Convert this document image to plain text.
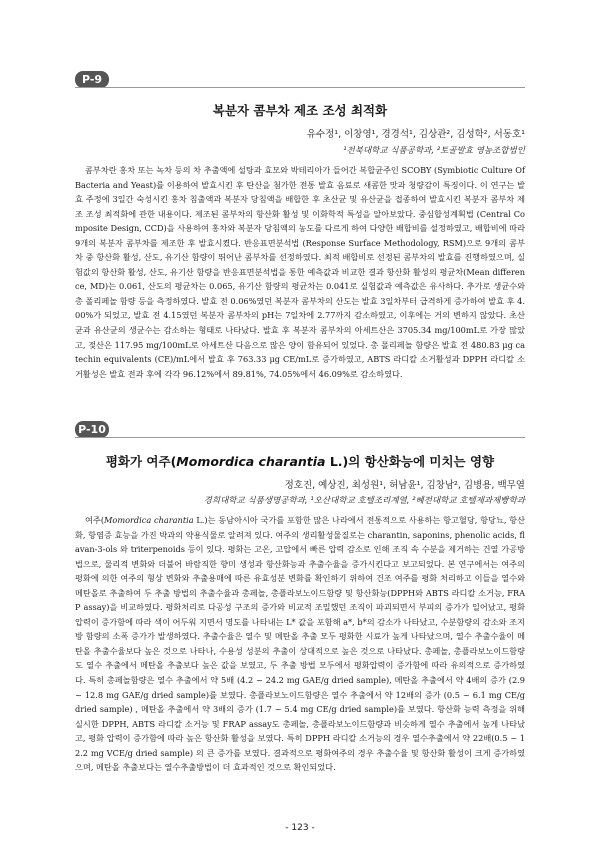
P-9
복분자 콤부차 제조 조성 최적화
유수정¹, 이창영¹, 경경석¹, 김상관², 김성학², 서동호¹
¹전북대학교 식품공학과, ²토골발효 영농조합법인

콤부차란 홍차 또는 녹차 등의 차 추출액에 설탕과 효모와 박테리아가 들어간 복합균주인 SCOBY (Symbiotic Culture Of Bacteria and Yeast)를 이용하여 발효시킨 후 탄산을 첨가한 전통 발효 음료로 새콤한 맛과 청량감이 특징이다. 이 연구는 발효 주정에 3일간 숙성시킨 홍차 침출액과 복분자 당침액을 배합한 후 초산균 및 유산균을 접종하여 발효시킨 복분자 콤부차 제조 조성 최적화에 관한 내용이다. 제조된 콤부차의 항산화 활성 및 이화학적 특성을 알아보았다. 중심합성계획법 (Central Composite Design, CCD)을 사용하여 홍차와 복분자 당침액의 농도를 다르게 하여 다양한 배합비를 설정하였고, 배합비에 따라 9개의 복분자 콤부차를 제조한 후 발효시켰다. 반응표면분석법 (Response Surface Methodology, RSM)으로 9개의 콤부차 중 항산화 활성, 산도, 유기산 함량이 뛰어난 콤부차를 선정하였다. 최적 배합비로 선정된 콤부차의 발효를 진행하였으며, 실험값의 항산화 활성, 산도, 유기산 함량을 반응표면분석법을 통한 예측값과 비교한 결과 항산화 활성의 평균차(Mean difference, MD)는 0.061, 산도의 평균차는 0.065, 유기산 함량의 평균차는 0.041로 실험값과 예측값은 유사하다. 추가로 생균수와 총 폴리페놀 함량 등을 측정하였다. 발효 전 0.06%였던 복분자 콤부차의 산도는 발효 3일차부터 급격하게 증가하여 발효 후 4.00%가 되었고, 발효 전 4.15였던 복분자 콤부차의 pH는 7일차에 2.77까지 감소하였고, 이후에는 거의 변하지 않았다. 초산균과 유산균의 생균수는 감소하는 형태로 나타났다. 발효 후 복분자 콤부차의 아세트산은 3705.34 mg/100mL로 가장 많았고, 젖산은 117.95 mg/100mL로 아세트산 다음으로 많은 양이 함유되어 있었다. 총 폴리페놀 함량은 발효 전 480.83 μg catechin equivalents (CE)/mL에서 발효 후 763.33 μg CE/mL로 증가하였고, ABTS 라디칼 소거활성과 DPPH 라디칼 소거활성은 발효 전과 후에 각각 96.12%에서 89.81%, 74.05%에서 46.09%로 감소하였다.

P-10
평화가 여주(Momordica charantia L.)의 항산화능에 미치는 영향
정호진, 예상진, 최성원¹, 허남윤¹, 김창남², 김병용, 백무열
경희대학교 식품생명공학과, ¹오산대학교 호텔조리계열, ²혜전대학교 호텔제과제빵학과

여주(Momordica charantia L.)는 동남아시아 국가를 포함한 많은 나라에서 전통적으로 사용하는 항고혈당, 항당뇨, 항산화, 항염증 효능을 가진 박과의 약용식물로 알려져 있다. 여주의 생리활성물질로는 charantin, saponins, phenolic acids, flavan-3-ols 와 triterpenoids 등이 있다. 평화는 고온, 고압에서 빠른 압력 감소로 인해 조직 속 수분을 제거하는 건열 가공방법으로, 물리적 변화와 더불어 바람직한 향미 생성과 항산화능과 추출수율을 증가시킨다고 보고되었다. 본 연구에서는 여주의 평화에 의한 여주의 형상 변화와 추출용매에 따른 유효성분 변화를 확인하기 위하여 건조 여주를 평화 처리하고 이들을 열수와 메탄올로 추출하여 두 추출 방법의 추출수율과 총페놀, 총플라보노이드함량 및 항산화능(DPPH와 ABTS 라디칼 소거능, FRAP assay)을 비교하였다. 평화처리로 다공성 구조의 증가와 비교적 조밀했던 조직이 파괴되면서 부피의 증가가 일어났고, 평화 압력이 증가함에 따라 색이 어두워 지면서 명도를 나타내는 L* 값을 포함해 a*, b*의 감소가 나타났고, 수분함량의 감소와 조지방 함량의 소폭 증가가 발생하였다. 추출수율은 열수 및 메탄올 추출 모두 평화한 시료가 높게 나타났으며, 열수 추출수율이 메탄올 추출수율보다 높은 것으로 나타나, 수용성 성분의 추출이 상대적으로 높은 것으로 나타났다. 총페놀, 총플라보노이드함량도 열수 추출에서 메탄올 추출보다 높은 값을 보였고, 두 추출 방법 모두에서 평화압력이 증가함에 따라 유의적으로 증가하였다. 특히 총페놀함량은 열수 추출에서 약 5배 (4.2 ~ 24.2 mg GAE/g dried sample), 메탄올 추출에서 약 4배의 증가 (2.9 ~ 12.8 mg GAE/g dried sample)를 보였다. 총플라보노이드함량은 열수 추출에서 약 12배의 증가 (0.5 ~ 6.1 mg CE/g dried sample) , 메탄올 추출에서 약 3배의 증가 (1.7 ~ 5.4 mg CE/g dried sample)를 보였다. 항산화 능력 측정을 위해 실시한 DPPH, ABTS 라디칼 소거능 및 FRAP assay도 총페놀, 총플라보노이드함량과 비슷하게 열수 추출에서 높게 나타났고, 평화 압력이 증가함에 따라 높은 항산화 활성을 보였다. 특히 DPPH 라디칼 소거능의 경우 열수추출에서 약 22배(0.5 ~ 12.2 mg VCE/g dried sample) 의 큰 증가를 보였다. 결과적으로 평화여주의 경우 추출수율 및 항산화 활성이 크게 증가하였으며, 메탄올 추출보다는 열수추출방법이 더 효과적인 것으로 확인되었다.

- 123 -
